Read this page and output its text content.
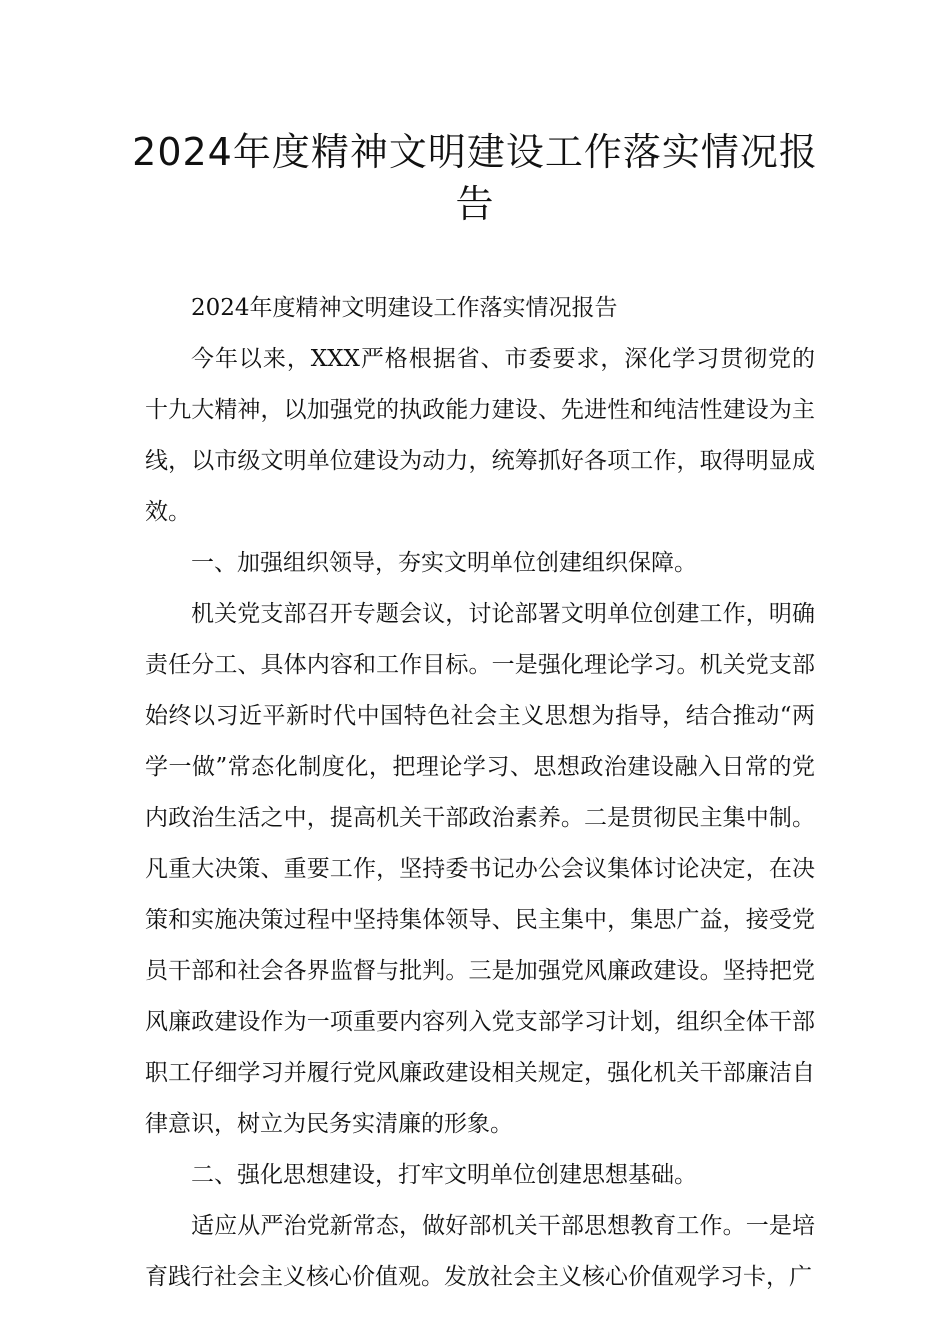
2024年度精神文明建设工作落实情况报
告

2024年度精神文明建设工作落实情况报告

今年以来，XXX严格根据省、市委要求，深化学习贯彻党的十九大精神，以加强党的执政能力建设、先进性和纯洁性建设为主线，以市级文明单位建设为动力，统筹抓好各项工作，取得明显成效。

一、加强组织领导，夯实文明单位创建组织保障。

机关党支部召开专题会议，讨论部署文明单位创建工作，明确责任分工、具体内容和工作目标。一是强化理论学习。机关党支部始终以习近平新时代中国特色社会主义思想为指导，结合推动“两学一做”常态化制度化，把理论学习、思想政治建设融入日常的党内政治生活之中，提高机关干部政治素养。二是贯彻民主集中制。凡重大决策、重要工作，坚持委书记办公会议集体讨论决定，在决策和实施决策过程中坚持集体领导、民主集中，集思广益，接受党员干部和社会各界监督与批判。三是加强党风廉政建设。坚持把党风廉政建设作为一项重要内容列入党支部学习计划，组织全体干部职工仔细学习并履行党风廉政建设相关规定，强化机关干部廉洁自律意识，树立为民务实清廉的形象。

二、强化思想建设，打牢文明单位创建思想基础。

适应从严治党新常态，做好部机关干部思想教育工作。一是培育践行社会主义核心价值观。发放社会主义核心价值观学习卡，广
